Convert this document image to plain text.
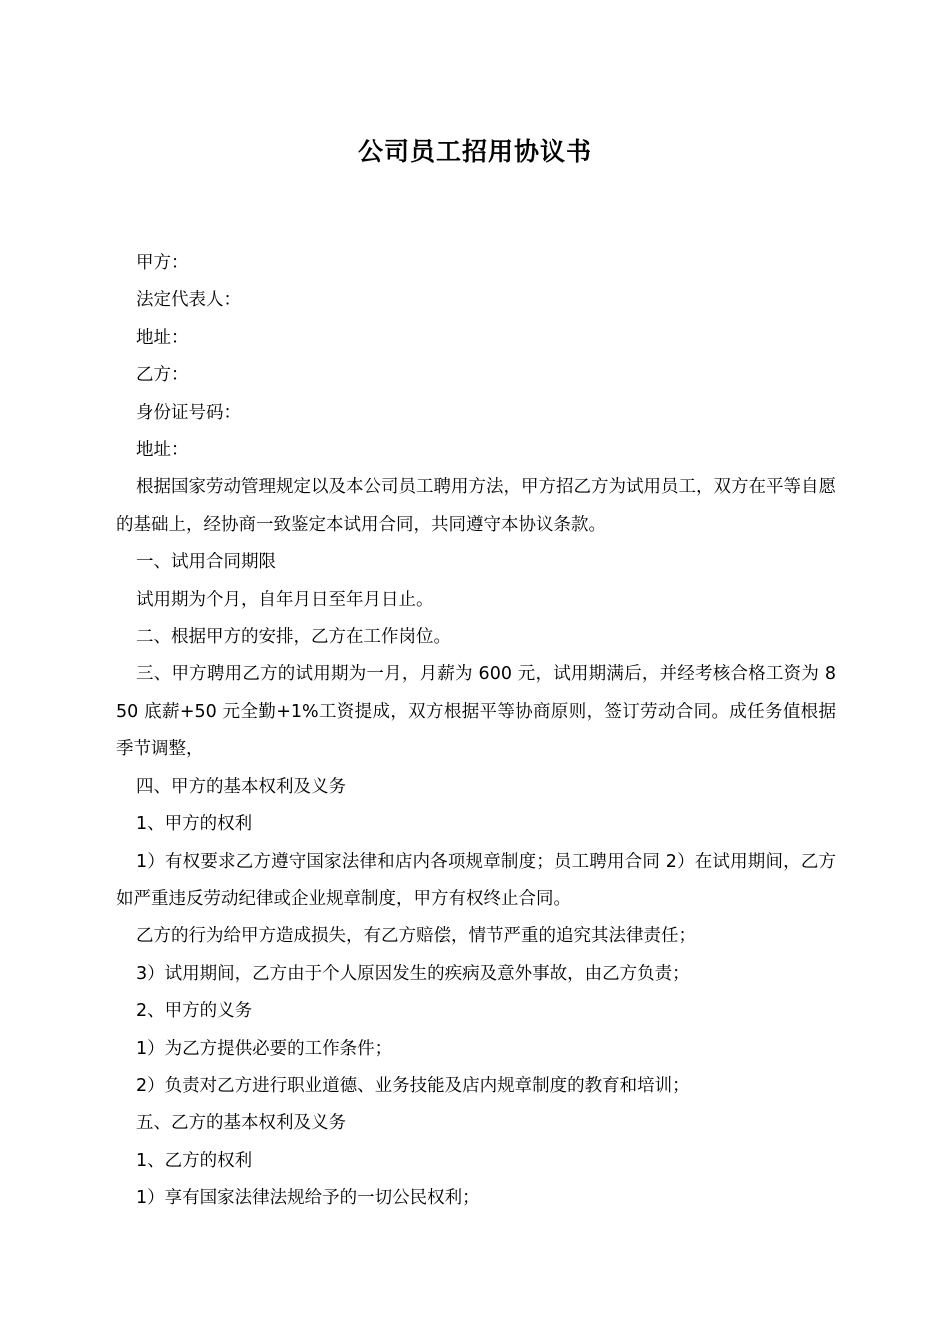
公司员工招用协议书

甲方：

法定代表人：

地址：

乙方：

身份证号码：

地址：

根据国家劳动管理规定以及本公司员工聘用方法，甲方招乙方为试用员工，双方在平等自愿的基础上，经协商一致鉴定本试用合同，共同遵守本协议条款。

一、试用合同期限

试用期为个月，自年月日至年月日止。

二、根据甲方的安排，乙方在工作岗位。

三、甲方聘用乙方的试用期为一月，月薪为 600 元，试用期满后，并经考核合格工资为 850 底薪+50 元全勤+1%工资提成，双方根据平等协商原则，签订劳动合同。成任务值根据季节调整，

四、甲方的基本权利及义务

1、甲方的权利

1）有权要求乙方遵守国家法律和店内各项规章制度；员工聘用合同 2）在试用期间，乙方如严重违反劳动纪律或企业规章制度，甲方有权终止合同。

乙方的行为给甲方造成损失，有乙方赔偿，情节严重的追究其法律责任；

3）试用期间，乙方由于个人原因发生的疾病及意外事故，由乙方负责；

2、甲方的义务

1）为乙方提供必要的工作条件；

2）负责对乙方进行职业道德、业务技能及店内规章制度的教育和培训；

五、乙方的基本权利及义务

1、乙方的权利

1）享有国家法律法规给予的一切公民权利；
